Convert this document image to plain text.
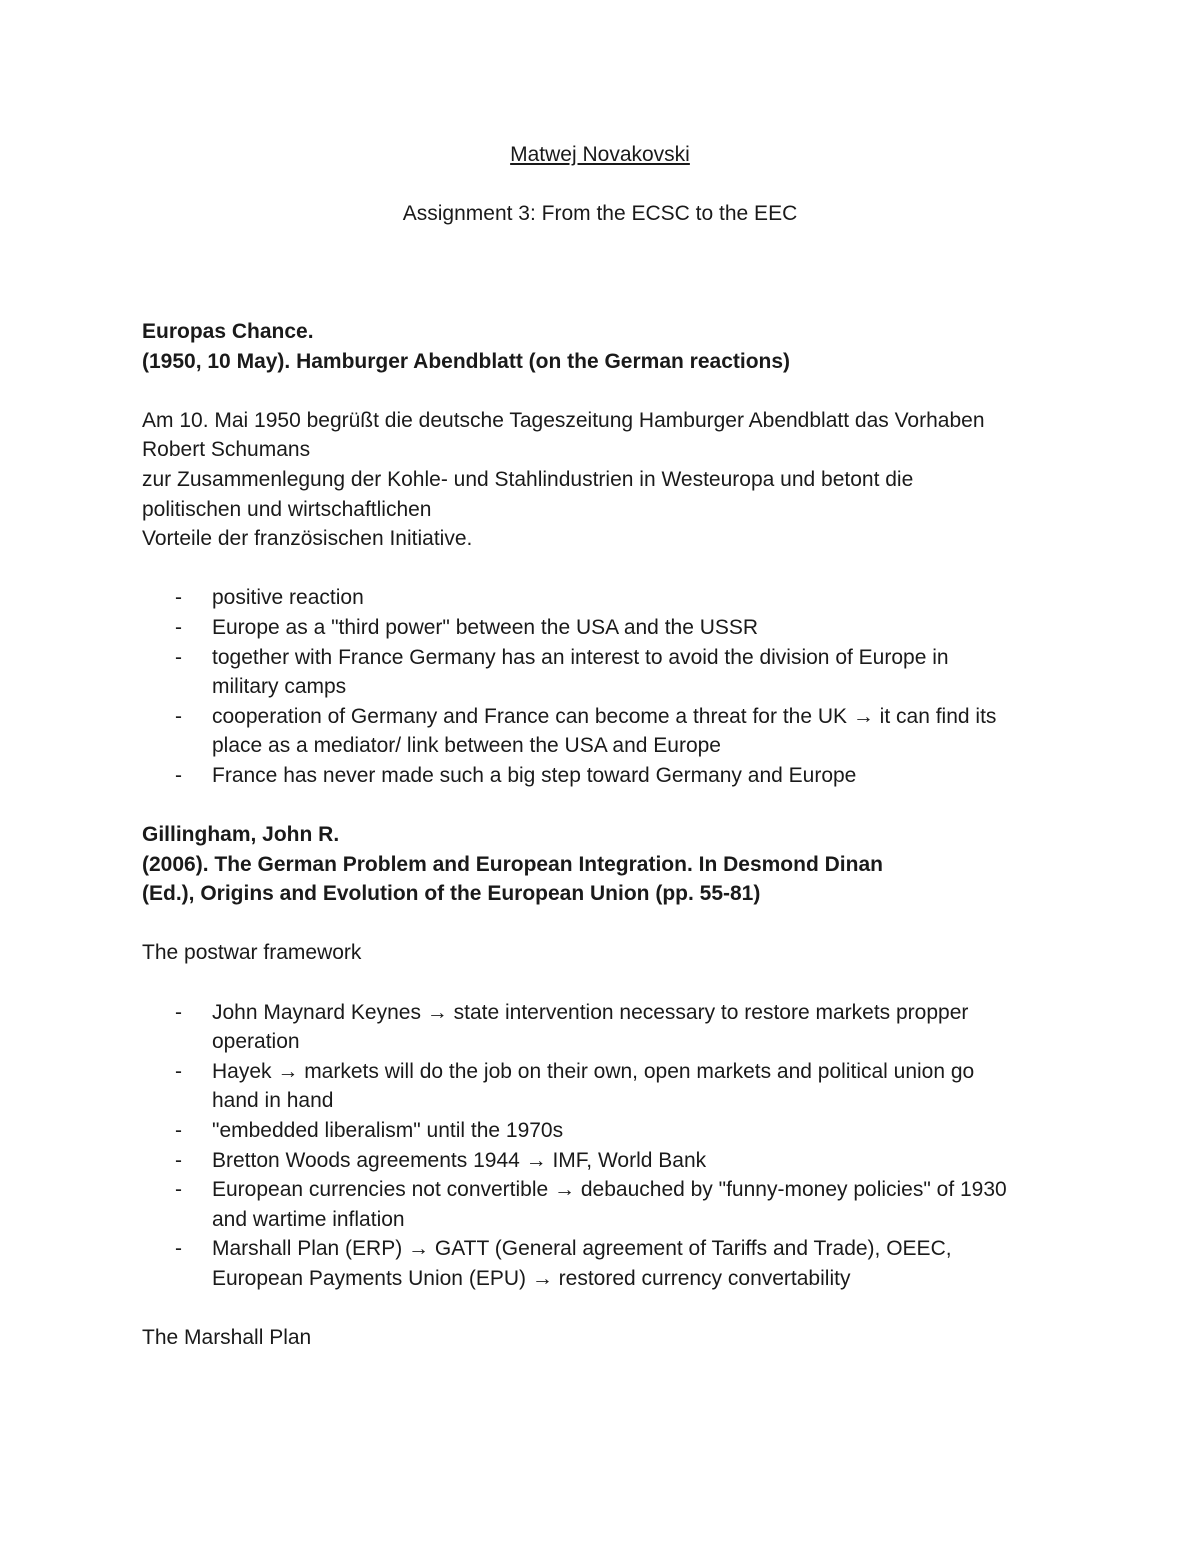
Matwej Novakovski
Assignment 3: From the ECSC to the EEC
Europas Chance.
(1950, 10 May). Hamburger Abendblatt (on the German reactions)
Am 10. Mai 1950 begrüßt die deutsche Tageszeitung Hamburger Abendblatt das Vorhaben
Robert Schumans
zur Zusammenlegung der Kohle- und Stahlindustrien in Westeuropa und betont die
politischen und wirtschaftlichen
Vorteile der französischen Initiative.
- positive reaction
- Europe as a "third power" between the USA and the USSR
- together with France Germany has an interest to avoid the division of Europe in
military camps
- cooperation of Germany and France can become a threat for the UK → it can find its
place as a mediator/ link between the USA and Europe
- France has never made such a big step toward Germany and Europe
Gillingham, John R.
(2006). The German Problem and European Integration. In Desmond Dinan
(Ed.), Origins and Evolution of the European Union (pp. 55-81)
The postwar framework
- John Maynard Keynes → state intervention necessary to restore markets propper
operation
- Hayek → markets will do the job on their own, open markets and political union go
hand in hand
- "embedded liberalism" until the 1970s
- Bretton Woods agreements 1944 → IMF, World Bank
- European currencies not convertible → debauched by "funny-money policies" of 1930
and wartime inflation
- Marshall Plan (ERP) → GATT (General agreement of Tariffs and Trade), OEEC,
European Payments Union (EPU) → restored currency convertability
The Marshall Plan
